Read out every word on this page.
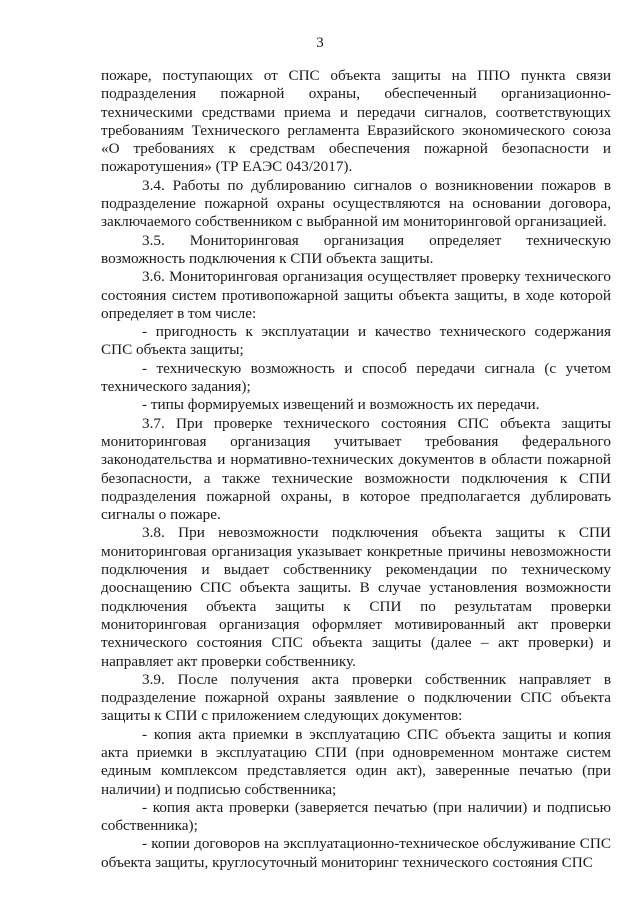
3

пожаре, поступающих от СПС объекта защиты на ППО пункта связи подразделения пожарной охраны, обеспеченный организационно-техническими средствами приема и передачи сигналов, соответствующих требованиям Технического регламента Евразийского экономического союза «О требованиях к средствам обеспечения пожарной безопасности и пожаротушения» (ТР ЕАЭС 043/2017).

3.4. Работы по дублированию сигналов о возникновении пожаров в подразделение пожарной охраны осуществляются на основании договора, заключаемого собственником с выбранной им мониторинговой организацией.

3.5. Мониторинговая организация определяет техническую возможность подключения к СПИ объекта защиты.

3.6. Мониторинговая организация осуществляет проверку технического состояния систем противопожарной защиты объекта защиты, в ходе которой определяет в том числе:

- пригодность к эксплуатации и качество технического содержания СПС объекта защиты;

- техническую возможность и способ передачи сигнала (с учетом технического задания);

- типы формируемых извещений и возможность их передачи.

3.7. При проверке технического состояния СПС объекта защиты мониторинговая организация учитывает требования федерального законодательства и нормативно-технических документов в области пожарной безопасности, а также технические возможности подключения к СПИ подразделения пожарной охраны, в которое предполагается дублировать сигналы о пожаре.

3.8. При невозможности подключения объекта защиты к СПИ мониторинговая организация указывает конкретные причины невозможности подключения и выдает собственнику рекомендации по техническому дооснащению СПС объекта защиты. В случае установления возможности подключения объекта защиты к СПИ по результатам проверки мониторинговая организация оформляет мотивированный акт проверки технического состояния СПС объекта защиты (далее – акт проверки) и направляет акт проверки собственнику.

3.9. После получения акта проверки собственник направляет в подразделение пожарной охраны заявление о подключении СПС объекта защиты к СПИ с приложением следующих документов:

- копия акта приемки в эксплуатацию СПС объекта защиты и копия акта приемки в эксплуатацию СПИ (при одновременном монтаже систем единым комплексом представляется один акт), заверенные печатью (при наличии) и подписью собственника;

- копия акта проверки (заверяется печатью (при наличии) и подписью собственника);

- копии договоров на эксплуатационно-техническое обслуживание СПС объекта защиты, круглосуточный мониторинг технического состояния СПС
